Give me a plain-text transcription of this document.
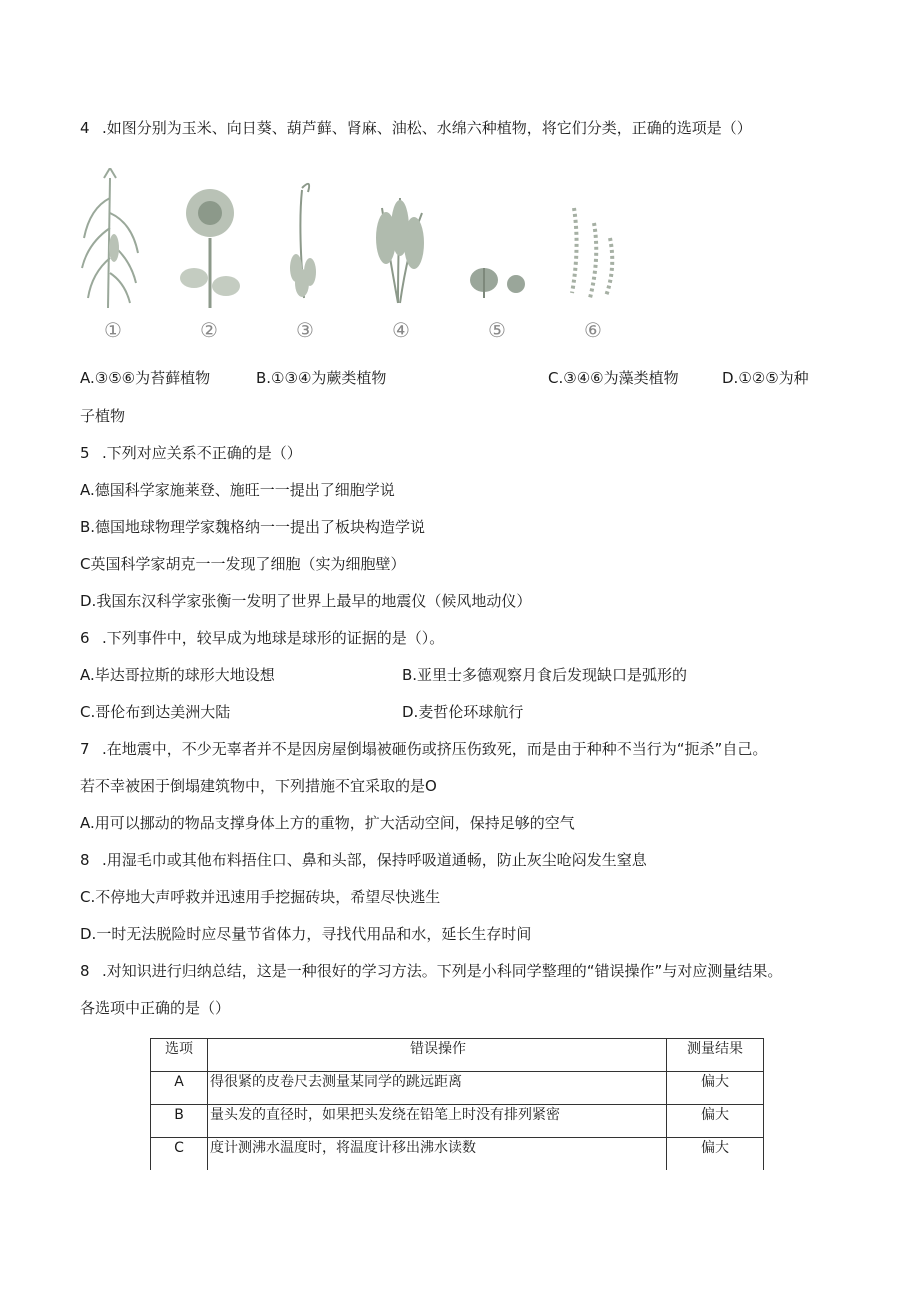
4 .如图分别为玉米、向日葵、葫芦藓、肾麻、油松、水绵六种植物，将它们分类，正确的选项是（）
①	②	③	④	⑤	⑥
A.③⑤⑥为苔藓植物	B.①③④为蕨类植物	C.③④⑥为藻类植物	D.①②⑤为种
子植物
5 .下列对应关系不正确的是（）
A.德国科学家施莱登、施旺一一提出了细胞学说
B.德国地球物理学家魏格纳一一提出了板块构造学说
C英国科学家胡克一一发现了细胞（实为细胞壁）
D.我国东汉科学家张衡一发明了世界上最早的地震仪（候风地动仪）
6 .下列事件中，较早成为地球是球形的证据的是（）。
A.毕达哥拉斯的球形大地设想	B.亚里士多德观察月食后发现缺口是弧形的
C.哥伦布到达美洲大陆	D.麦哲伦环球航行
7 .在地震中，不少无辜者并不是因房屋倒塌被砸伤或挤压伤致死，而是由于种种不当行为“扼杀”自己。
若不幸被困于倒塌建筑物中，下列措施不宜采取的是O
A.用可以挪动的物品支撑身体上方的重物，扩大活动空间，保持足够的空气
8 .用湿毛巾或其他布料捂住口、鼻和头部，保持呼吸道通畅，防止灰尘呛闷发生窒息
C.不停地大声呼救并迅速用手挖掘砖块，希望尽快逃生
D.一时无法脱险时应尽量节省体力，寻找代用品和水，延长生存时间
8 .对知识进行归纳总结，这是一种很好的学习方法。下列是小科同学整理的“错误操作”与对应测量结果。
各选项中正确的是（）
选项	错误操作	测量结果
A	得很紧的皮卷尺去测量某同学的跳远距离	偏大
B	量头发的直径时，如果把头发绕在铅笔上时没有排列紧密	偏大
C	度计测沸水温度时，将温度计移出沸水读数	偏大
